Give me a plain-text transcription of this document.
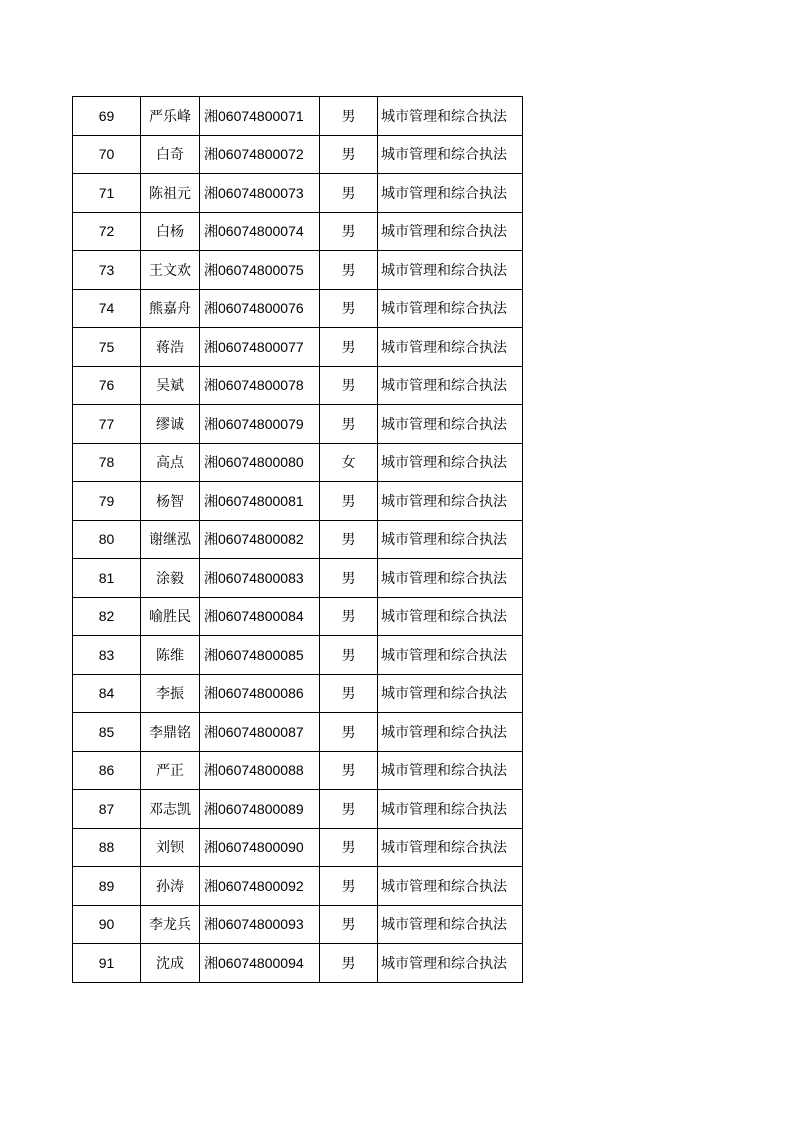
69	严乐峰	湘06074800071	男	城市管理和综合执法
70	白奇	湘06074800072	男	城市管理和综合执法
71	陈祖元	湘06074800073	男	城市管理和综合执法
72	白杨	湘06074800074	男	城市管理和综合执法
73	王文欢	湘06074800075	男	城市管理和综合执法
74	熊嘉舟	湘06074800076	男	城市管理和综合执法
75	蒋浩	湘06074800077	男	城市管理和综合执法
76	吴斌	湘06074800078	男	城市管理和综合执法
77	缪诚	湘06074800079	男	城市管理和综合执法
78	高点	湘06074800080	女	城市管理和综合执法
79	杨智	湘06074800081	男	城市管理和综合执法
80	谢继泓	湘06074800082	男	城市管理和综合执法
81	涂毅	湘06074800083	男	城市管理和综合执法
82	喻胜民	湘06074800084	男	城市管理和综合执法
83	陈维	湘06074800085	男	城市管理和综合执法
84	李振	湘06074800086	男	城市管理和综合执法
85	李鼎铭	湘06074800087	男	城市管理和综合执法
86	严正	湘06074800088	男	城市管理和综合执法
87	邓志凯	湘06074800089	男	城市管理和综合执法
88	刘钡	湘06074800090	男	城市管理和综合执法
89	孙涛	湘06074800092	男	城市管理和综合执法
90	李龙兵	湘06074800093	男	城市管理和综合执法
91	沈成	湘06074800094	男	城市管理和综合执法
